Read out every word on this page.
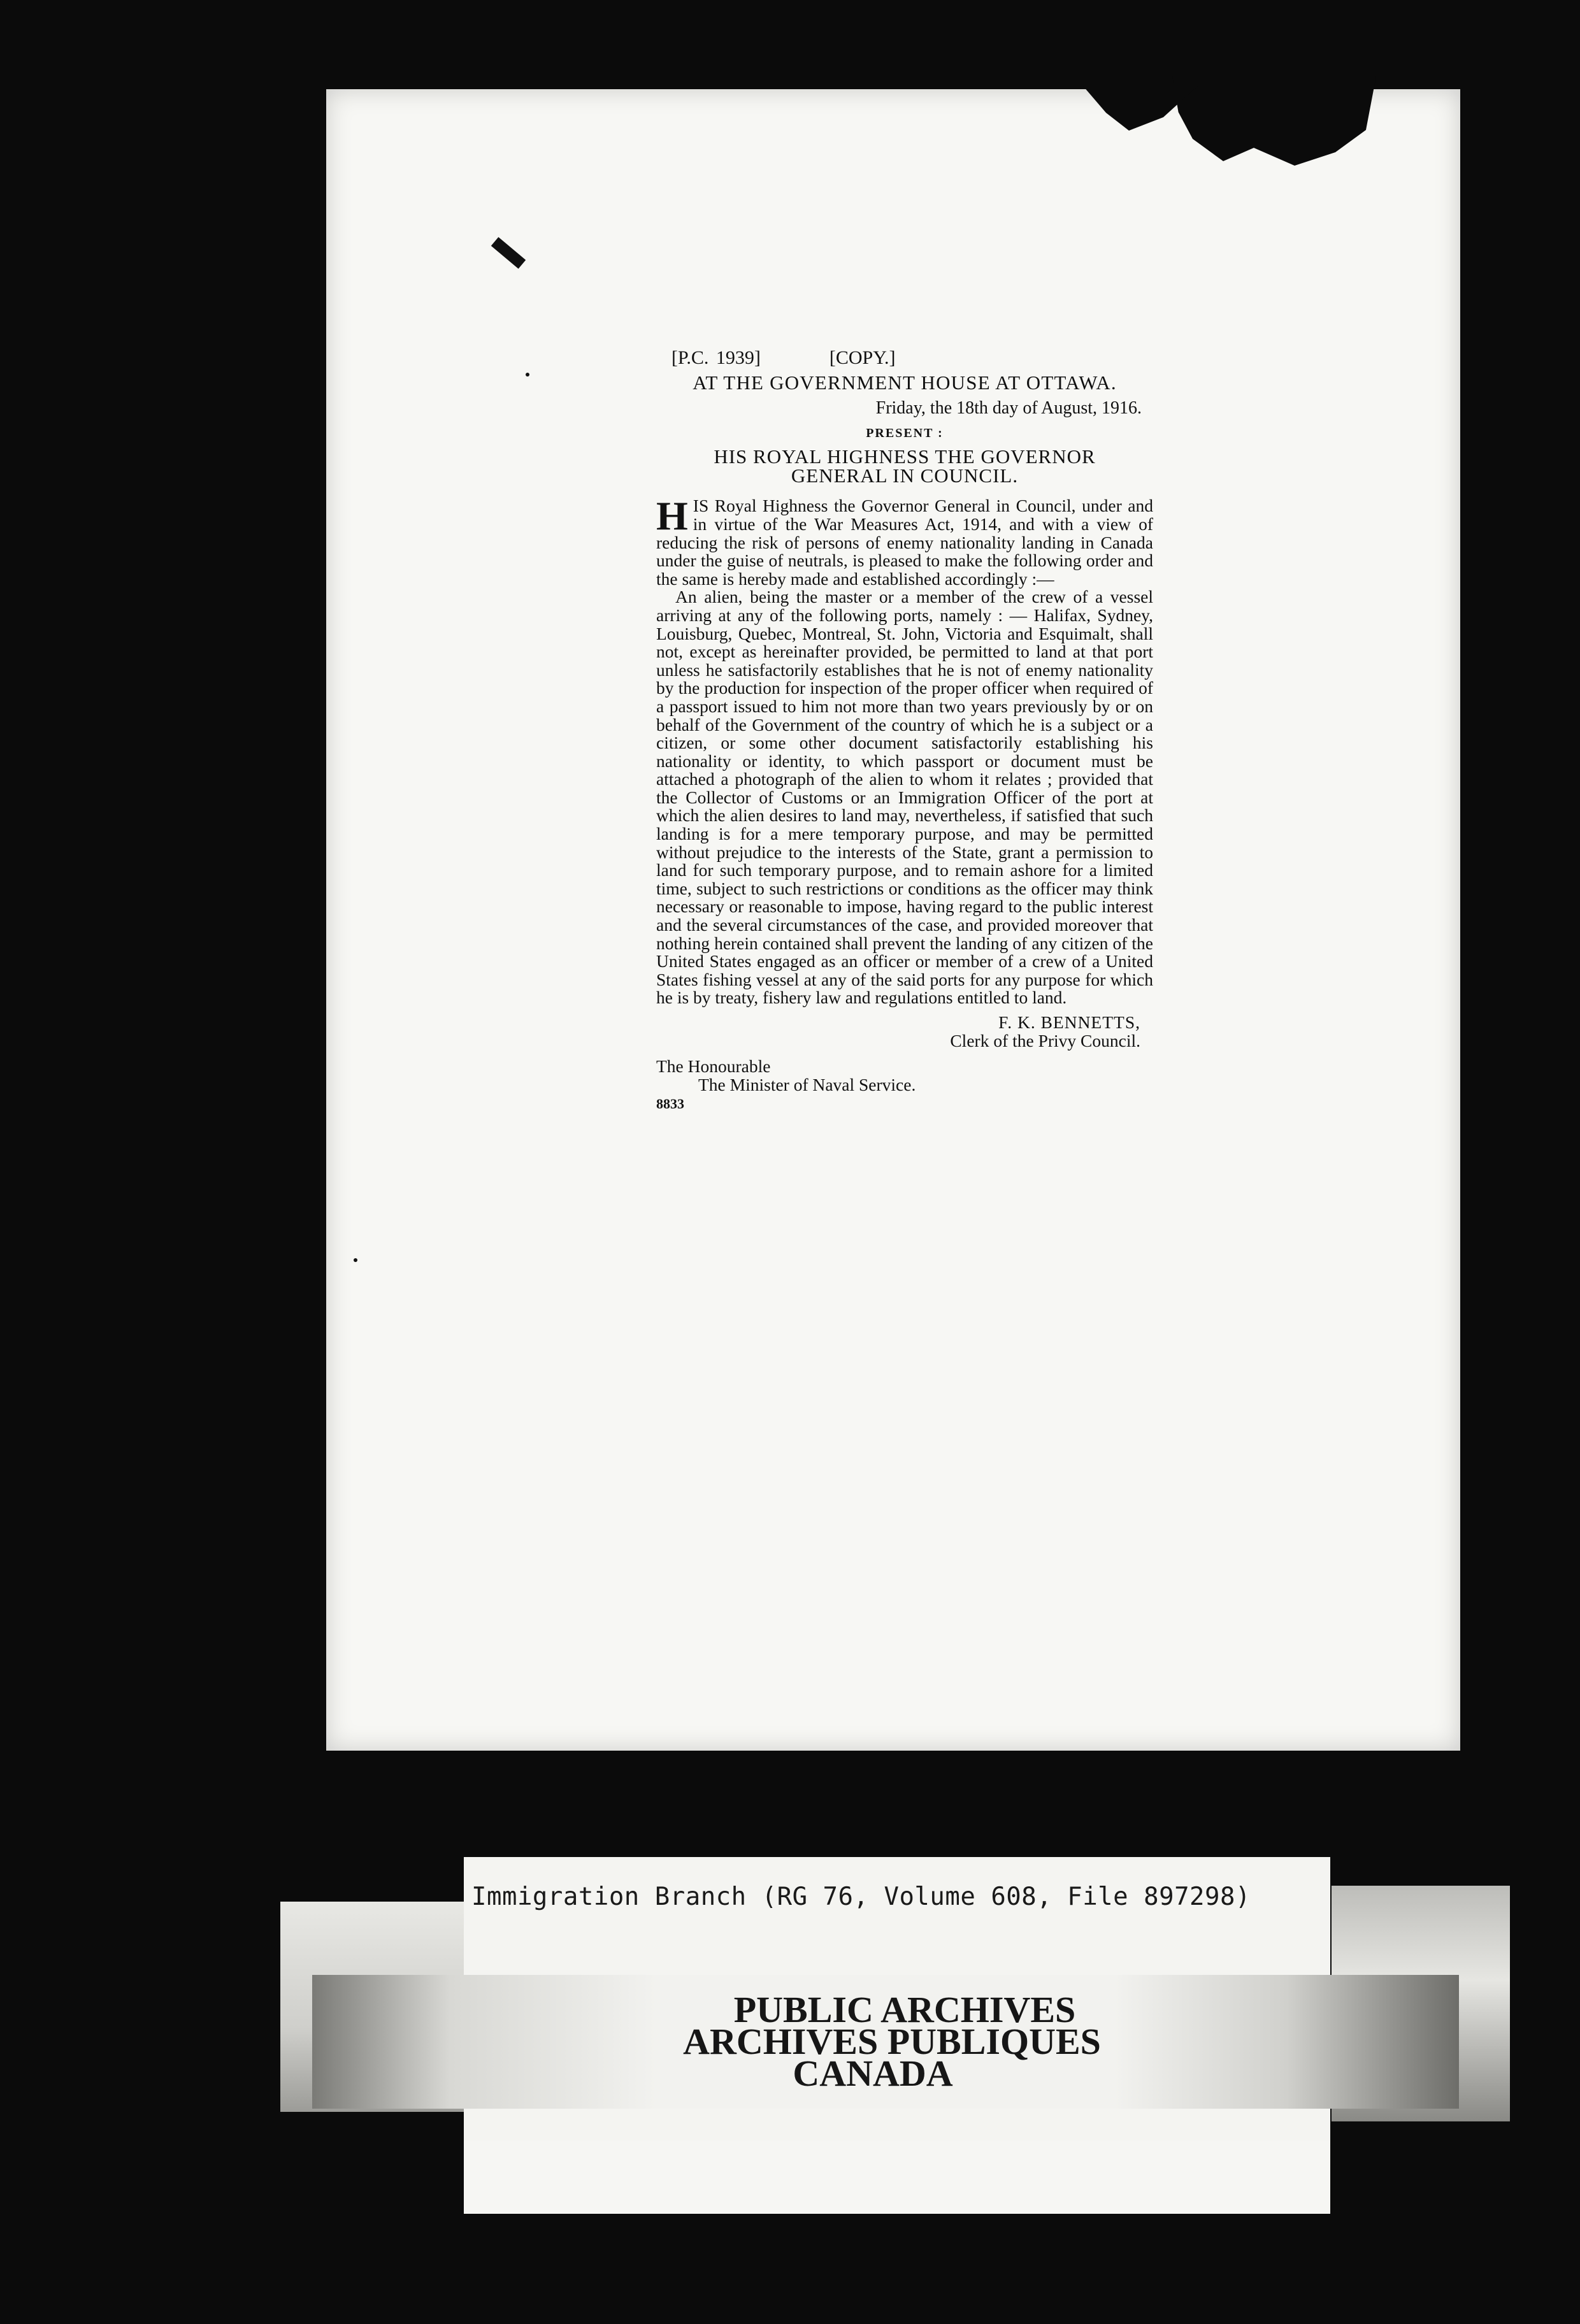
[P.C. 1939]	[COPY.]
AT THE GOVERNMENT HOUSE AT OTTAWA.
Friday, the 18th day of August, 1916.
PRESENT :
HIS ROYAL HIGHNESS THE GOVERNOR
GENERAL IN COUNCIL.

HIS Royal Highness the Governor General in Council, under and in virtue of the War Measures Act, 1914, and with a view of reducing the risk of persons of enemy nationality landing in Canada under the guise of neutrals, is pleased to make the following order and the same is hereby made and established accordingly :—

An alien, being the master or a member of the crew of a vessel arriving at any of the following ports, namely : — Halifax, Sydney, Louisburg, Quebec, Montreal, St. John, Victoria and Esquimalt, shall not, except as hereinafter provided, be permitted to land at that port unless he satisfactorily establishes that he is not of enemy nationality by the production for inspection of the proper officer when required of a passport issued to him not more than two years previously by or on behalf of the Government of the country of which he is a subject or a citizen, or some other document satisfactorily establishing his nationality or identity, to which passport or document must be attached a photograph of the alien to whom it relates ; provided that the Collector of Customs or an Immigration Officer of the port at which the alien desires to land may, nevertheless, if satisfied that such landing is for a mere temporary purpose, and may be permitted without prejudice to the interests of the State, grant a permission to land for such temporary purpose, and to remain ashore for a limited time, subject to such restrictions or conditions as the officer may think necessary or reasonable to impose, having regard to the public interest and the several circumstances of the case, and provided moreover that nothing herein contained shall prevent the landing of any citizen of the United States engaged as an officer or member of a crew of a United States fishing vessel at any of the said ports for any purpose for which he is by treaty, fishery law and regulations entitled to land.

F. K. BENNETTS,
Clerk of the Privy Council.
The Honourable
The Minister of Naval Service.
8833
Immigration Branch (RG 76, Volume 608, File 897298)
PUBLIC ARCHIVES
ARCHIVES PUBLIQUES
CANADA
